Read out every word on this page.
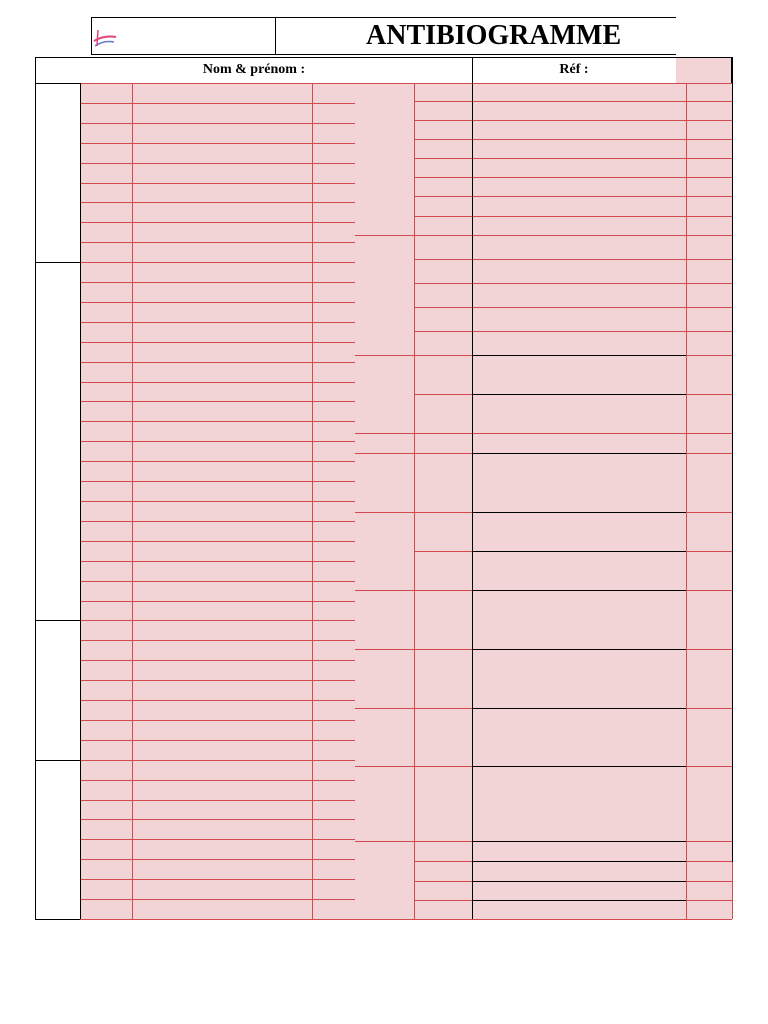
ANTIBIOGRAMME
Nom & prénom :	Réf :
